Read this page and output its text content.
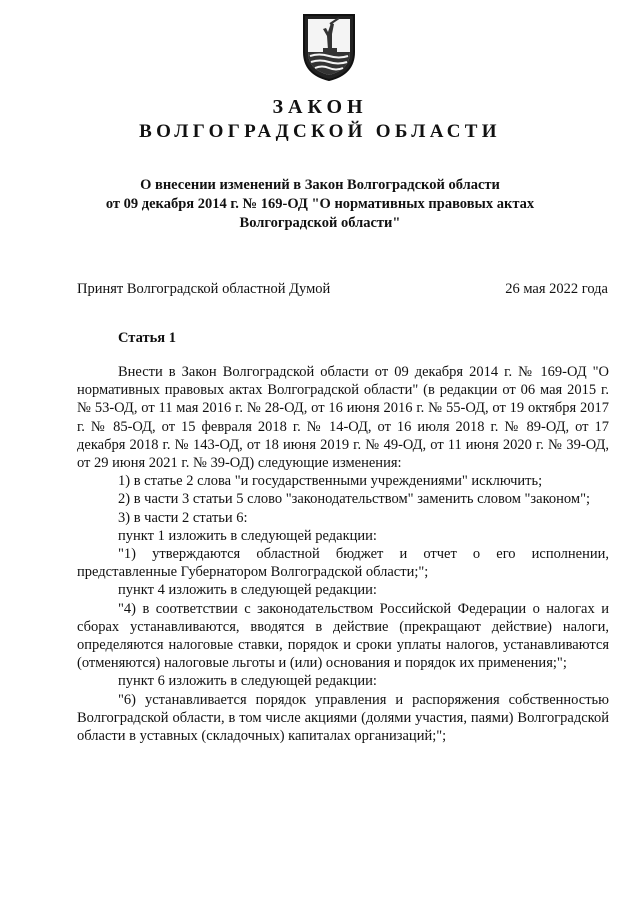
ЗАКОН
ВОЛГОГРАДСКОЙ ОБЛАСТИ
О внесении изменений в Закон Волгоградской области
от 09 декабря 2014 г. № 169-ОД "О нормативных правовых актах
Волгоградской области"
Принят Волгоградской областной Думой	26 мая 2022 года
Статья 1

Внести в Закон Волгоградской области от 09 декабря 2014 г. № 169-ОД "О нормативных правовых актах Волгоградской области" (в редакции от 06 мая 2015 г. № 53-ОД, от 11 мая 2016 г. № 28-ОД, от 16 июня 2016 г. № 55-ОД, от 19 октября 2017 г. № 85-ОД, от 15 февраля 2018 г. № 14-ОД, от 16 июля 2018 г. № 89-ОД, от 17 декабря 2018 г. № 143-ОД, от 18 июня 2019 г. № 49-ОД, от 11 июня 2020 г. № 39-ОД, от 29 июня 2021 г. № 39-ОД) следующие изменения:

1) в статье 2 слова "и государственными учреждениями" исключить;

2) в части 3 статьи 5 слово "законодательством" заменить словом "законом";

3) в части 2 статьи 6:

пункт 1 изложить в следующей редакции:

"1) утверждаются областной бюджет и отчет о его исполнении, представленные Губернатором Волгоградской области;";

пункт 4 изложить в следующей редакции:

"4) в соответствии с законодательством Российской Федерации о налогах и сборах устанавливаются, вводятся в действие (прекращают действие) налоги, определяются налоговые ставки, порядок и сроки уплаты налогов, устанавливаются (отменяются) налоговые льготы и (или) основания и порядок их применения;";

пункт 6 изложить в следующей редакции:

"6) устанавливается порядок управления и распоряжения собственностью Волгоградской области, в том числе акциями (долями участия, паями) Волгоградской области в уставных (складочных) капиталах организаций;";
